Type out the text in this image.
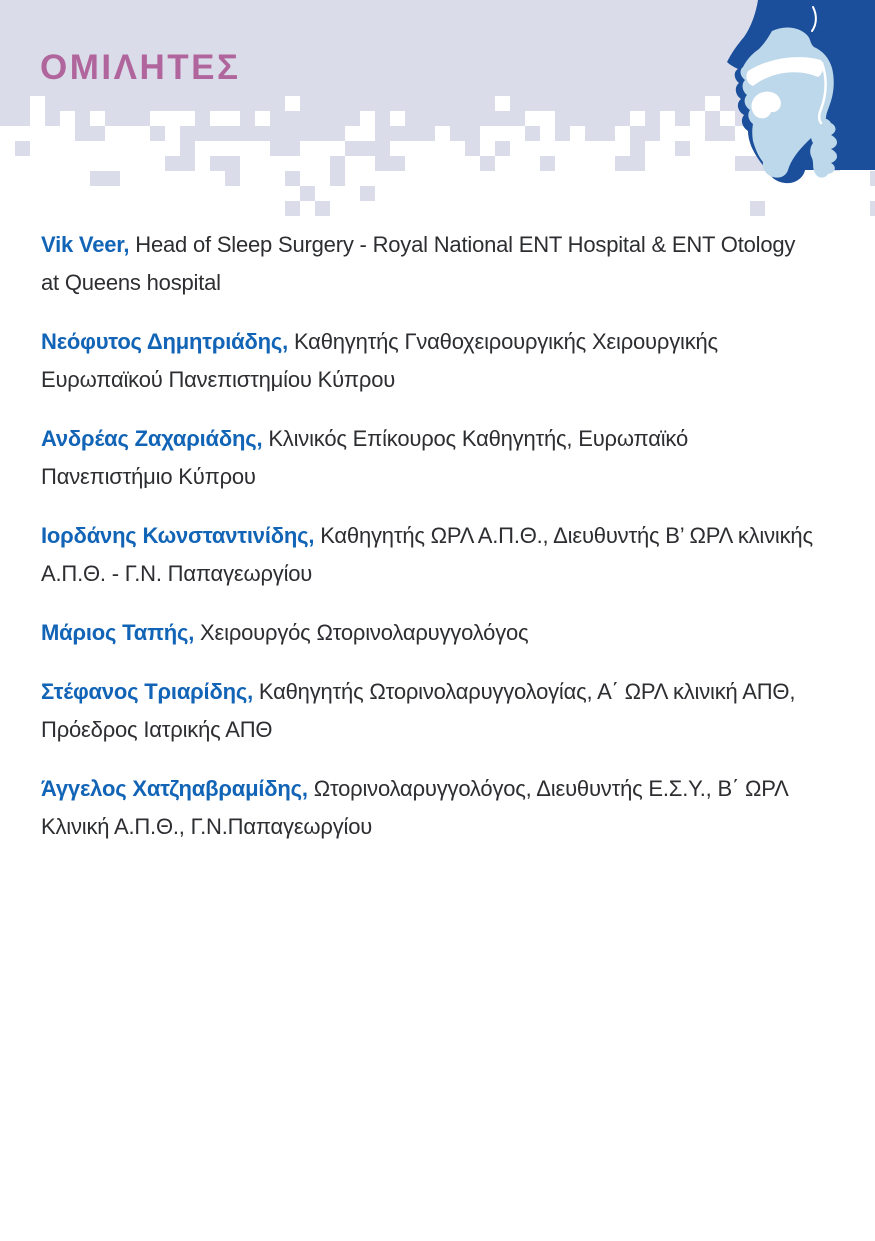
ΟΜΙΛΗΤΕΣ

Vik Veer, Head of Sleep Surgery - Royal National ENT Hospital & ENT Otology at Queens hospital

Νεόφυτος Δημητριάδης, Καθηγητής Γναθοχειρουργικής Χειρουργικής Ευρωπαϊκού Πανεπιστημίου Κύπρου

Ανδρέας Ζαχαριάδης, Κλινικός Επίκουρος Καθηγητής, Ευρωπαϊκό Πανεπιστήμιο Κύπρου

Ιορδάνης Κωνσταντινίδης, Καθηγητής ΩΡΛ Α.Π.Θ., Διευθυντής Β’ ΩΡΛ κλινικής Α.Π.Θ. - Γ.Ν. Παπαγεωργίου

Μάριος Ταπής, Χειρουργός Ωτορινολαρυγγολόγος

Στέφανος Τριαρίδης, Καθηγητής Ωτορινολαρυγγολογίας, Α΄ ΩΡΛ κλινική ΑΠΘ, Πρόεδρος Ιατρικής ΑΠΘ

Άγγελος Χατζηαβραμίδης, Ωτορινολαρυγγολόγος, Διευθυντής Ε.Σ.Υ., Β΄ ΩΡΛ Κλινική Α.Π.Θ., Γ.Ν.Παπαγεωργίου
